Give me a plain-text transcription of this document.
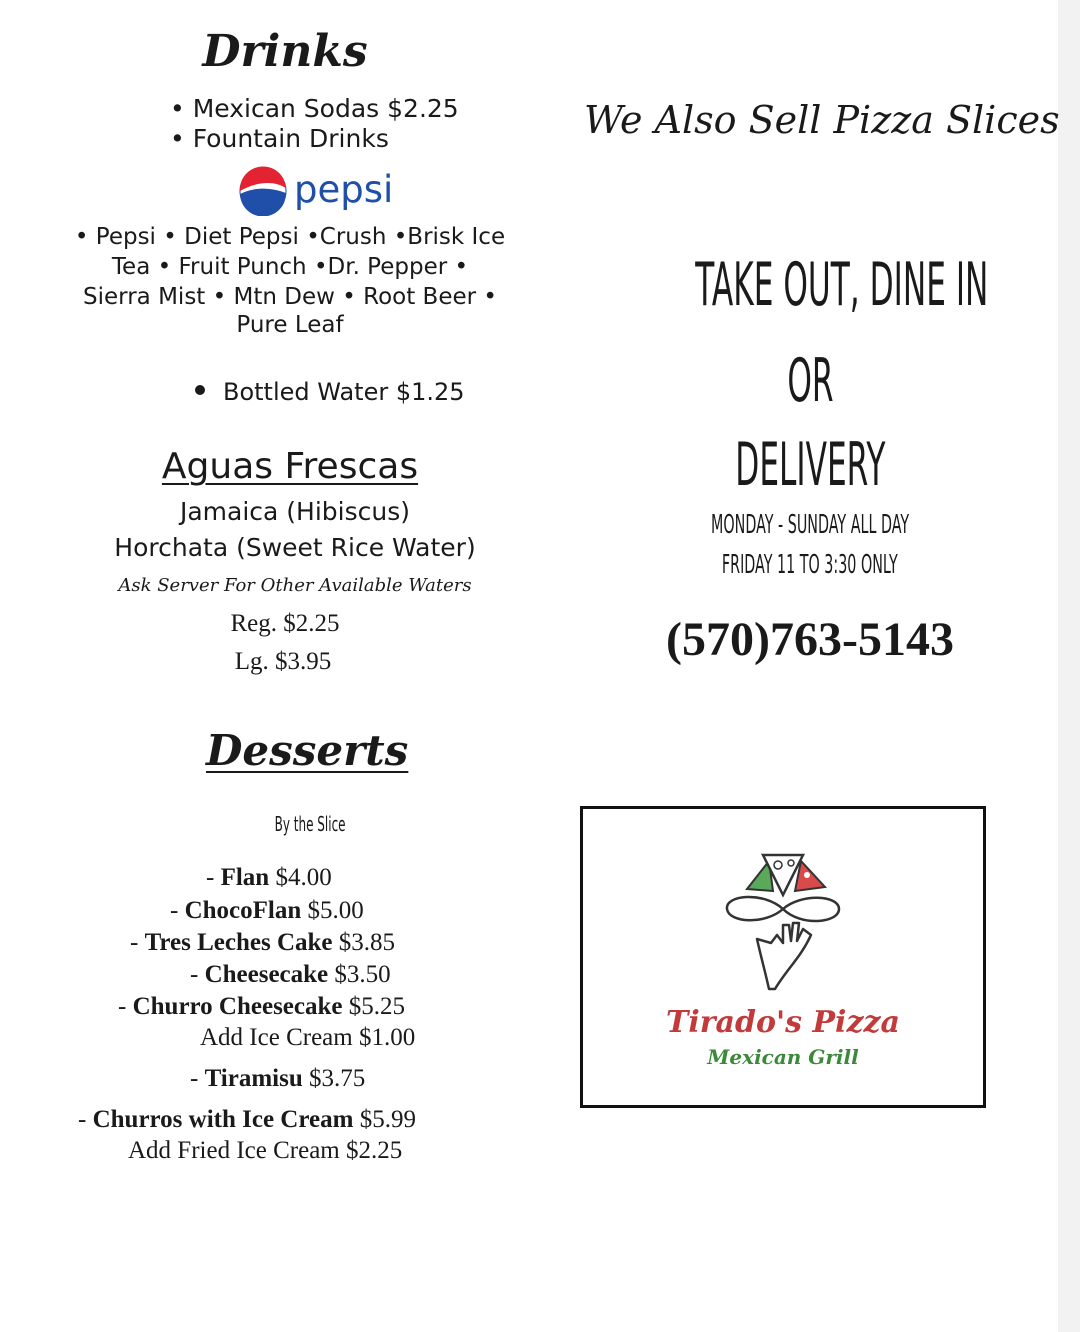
Drinks
• Mexican Sodas $2.25
• Fountain Drinks
pepsi
• Pepsi • Diet Pepsi •Crush •Brisk Ice
Tea • Fruit Punch •Dr. Pepper •
Sierra Mist • Mtn Dew • Root Beer •
Pure Leaf
Bottled Water $1.25
Aguas Frescas
Jamaica (Hibiscus)
Horchata (Sweet Rice Water)
Ask Server For Other Available Waters
Reg. $2.25
Lg. $3.95
Desserts
By the Slice
- Flan $4.00
- ChocoFlan $5.00
- Tres Leches Cake $3.85
- Cheesecake $3.50
- Churro Cheesecake $5.25
Add Ice Cream $1.00
- Tiramisu $3.75
- Churros with Ice Cream $5.99
Add Fried Ice Cream $2.25
We Also Sell Pizza Slices
TAKE OUT, DINE IN
OR
DELIVERY
MONDAY - SUNDAY ALL DAY
FRIDAY 11 TO 3:30 ONLY
(570)763-5143
Tirado's Pizza
Mexican Grill
